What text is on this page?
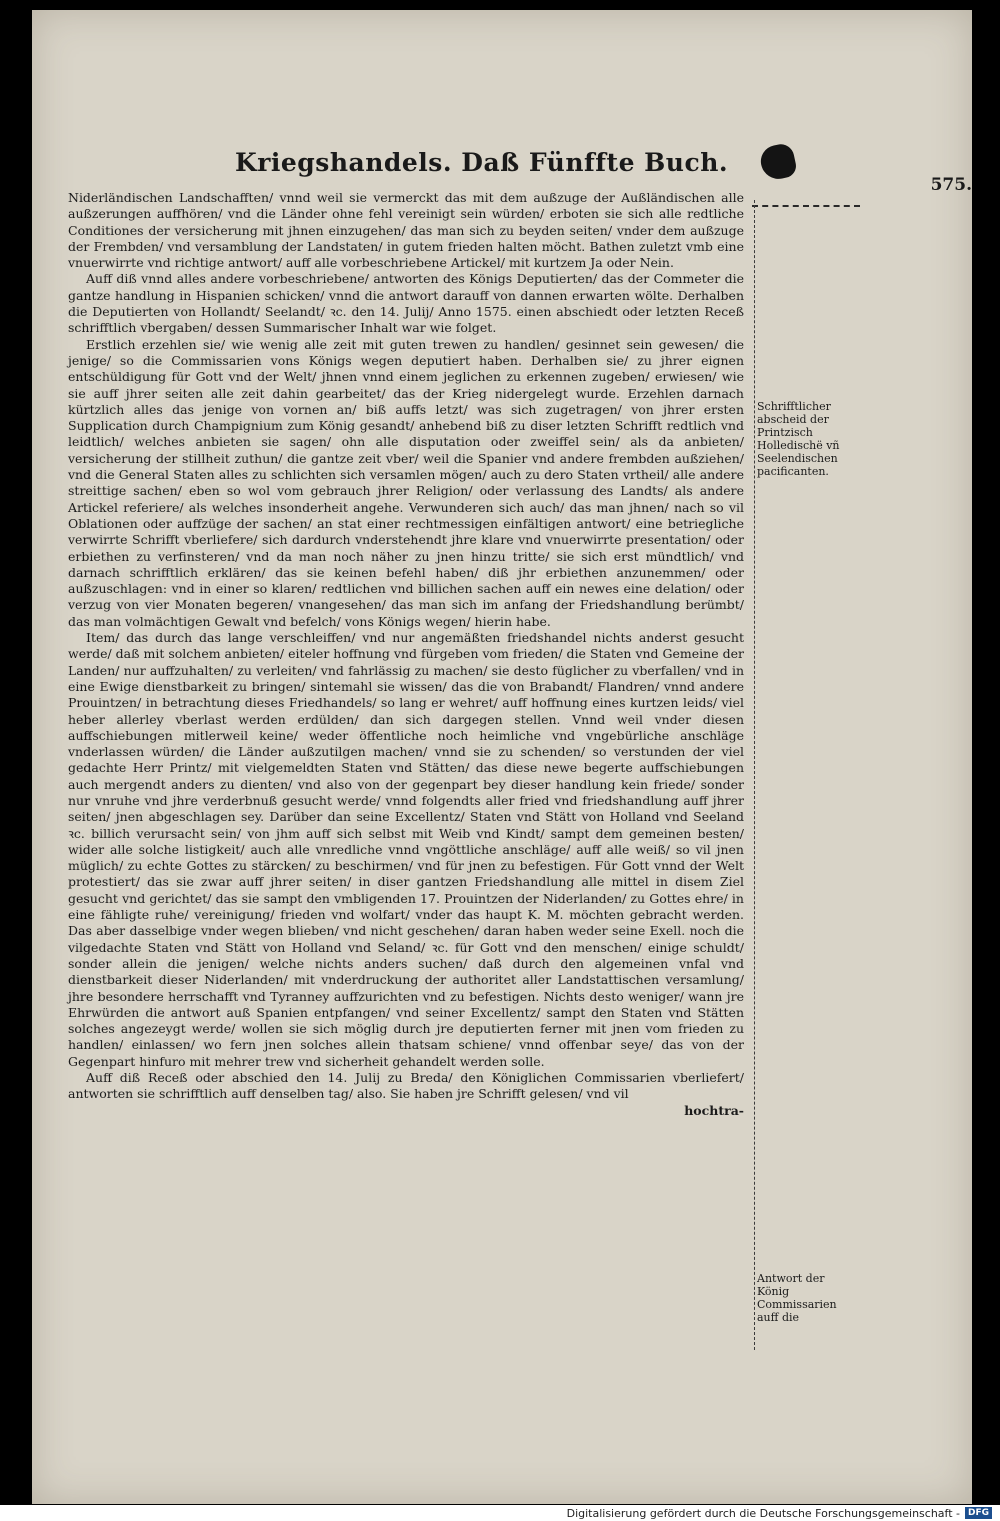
Kriegshandels. Daß Fünffte Buch.
575.

Niderländischen Landschafften/ vnnd weil sie vermerckt das mit dem außzuge der Außländischen alle außzerungen auffhören/ vnd die Länder ohne fehl vereinigt sein würden/ erboten sie sich alle redtliche Conditiones der versicherung mit jhnen einzugehen/ das man sich zu beyden seiten/ vnder dem außzuge der Frembden/ vnd versamblung der Landstaten/ in gutem frieden halten möcht. Bathen zuletzt vmb eine vnuerwirrte vnd richtige antwort/ auff alle vorbeschriebene Artickel/ mit kurtzem Ja oder Nein.

Auff diß vnnd alles andere vorbeschriebene/ antworten des Königs Deputierten/ das der Commeter die gantze handlung in Hispanien schicken/ vnnd die antwort darauff von dannen erwarten wölte. Derhalben die Deputierten von Hollandt/ Seelandt/ ꝛc. den 14. Julij/ Anno 1575. einen abschiedt oder letzten Receß schrifftlich vbergaben/ dessen Summarischer Inhalt war wie folget.

Erstlich erzehlen sie/ wie wenig alle zeit mit guten trewen zu handlen/ gesinnet sein gewesen/ die jenige/ so die Commissarien vons Königs wegen deputiert haben. Derhalben sie/ zu jhrer eignen entschüldigung für Gott vnd der Welt/ jhnen vnnd einem jeglichen zu erkennen zugeben/ erwiesen/ wie sie auff jhrer seiten alle zeit dahin gearbeitet/ das der Krieg nidergelegt wurde. Erzehlen darnach kürtzlich alles das jenige von vornen an/ biß auffs letzt/ was sich zugetragen/ von jhrer ersten Supplication durch Champignium zum König gesandt/ anhebend biß zu diser letzten Schrifft redtlich vnd leidtlich/ welches anbieten sie sagen/ ohn alle disputation oder zweiffel sein/ als da anbieten/ versicherung der stillheit zuthun/ die gantze zeit vber/ weil die Spanier vnd andere frembden außziehen/ vnd die General Staten alles zu schlichten sich versamlen mögen/ auch zu dero Staten vrtheil/ alle andere streittige sachen/ eben so wol vom gebrauch jhrer Religion/ oder verlassung des Landts/ als andere Artickel referiere/ als welches insonderheit angehe. Verwunderen sich auch/ das man jhnen/ nach so vil Oblationen oder auffzüge der sachen/ an stat einer rechtmessigen einfältigen antwort/ eine betriegliche verwirrte Schrifft vberliefere/ sich dardurch vnderstehendt jhre klare vnd vnuerwirrte presentation/ oder erbiethen zu verfinsteren/ vnd da man noch näher zu jnen hinzu tritte/ sie sich erst mündtlich/ vnd darnach schrifftlich erklären/ das sie keinen befehl haben/ diß jhr erbiethen anzunemmen/ oder außzuschlagen: vnd in einer so klaren/ redtlichen vnd billichen sachen auff ein newes eine delation/ oder verzug von vier Monaten begeren/ vnangesehen/ das man sich im anfang der Friedshandlung berümbt/ das man volmächtigen Gewalt vnd befelch/ vons Königs wegen/ hierin habe.

Item/ das durch das lange verschleiffen/ vnd nur angemäßten friedshandel nichts anderst gesucht werde/ daß mit solchem anbieten/ eiteler hoffnung vnd fürgeben vom frieden/ die Staten vnd Gemeine der Landen/ nur auffzuhalten/ zu verleiten/ vnd fahrlässig zu machen/ sie desto füglicher zu vberfallen/ vnd in eine Ewige dienstbarkeit zu bringen/ sintemahl sie wissen/ das die von Brabandt/ Flandren/ vnnd andere Prouintzen/ in betrachtung dieses Friedhandels/ so lang er wehret/ auff hoffnung eines kurtzen leids/ viel heber allerley vberlast werden erdülden/ dan sich dargegen stellen. Vnnd weil vnder diesen auffschiebungen mitlerweil keine/ weder öffentliche noch heimliche vnd vngebürliche anschläge vnderlassen würden/ die Länder außzutilgen machen/ vnnd sie zu schenden/ so verstunden der viel gedachte Herr Printz/ mit vielgemeldten Staten vnd Stätten/ das diese newe begerte auffschiebungen auch mergendt anders zu dienten/ vnd also von der gegenpart bey dieser handlung kein friede/ sonder nur vnruhe vnd jhre verderbnuß gesucht werde/ vnnd folgendts aller fried vnd friedshandlung auff jhrer seiten/ jnen abgeschlagen sey. Darüber dan seine Excellentz/ Staten vnd Stätt von Holland vnd Seeland ꝛc. billich verursacht sein/ von jhm auff sich selbst mit Weib vnd Kindt/ sampt dem gemeinen besten/ wider alle solche listigkeit/ auch alle vnredliche vnnd vngöttliche anschläge/ auff alle weiß/ so vil jnen müglich/ zu echte Gottes zu stärcken/ zu beschirmen/ vnd für jnen zu befestigen. Für Gott vnnd der Welt protestiert/ das sie zwar auff jhrer seiten/ in diser gantzen Friedshandlung alle mittel in disem Ziel gesucht vnd gerichtet/ das sie sampt den vmbligenden 17. Prouintzen der Niderlanden/ zu Gottes ehre/ in eine fähligte ruhe/ vereinigung/ frieden vnd wolfart/ vnder das haupt K. M. möchten gebracht werden. Das aber dasselbige vnder wegen blieben/ vnd nicht geschehen/ daran haben weder seine Exell. noch die vilgedachte Staten vnd Stätt von Holland vnd Seland/ ꝛc. für Gott vnd den menschen/ einige schuldt/ sonder allein die jenigen/ welche nichts anders suchen/ daß durch den algemeinen vnfal vnd dienstbarkeit dieser Niderlanden/ mit vnderdruckung der authoritet aller Landstattischen versamlung/ jhre besondere herrschafft vnd Tyranney auffzurichten vnd zu befestigen. Nichts desto weniger/ wann jre Ehrwürden die antwort auß Spanien entpfangen/ vnd seiner Excellentz/ sampt den Staten vnd Stätten solches angezeygt werde/ wollen sie sich möglig durch jre deputierten ferner mit jnen vom frieden zu handlen/ einlassen/ wo fern jnen solches allein thatsam schiene/ vnnd offenbar seye/ das von der Gegenpart hinfuro mit mehrer trew vnd sicherheit gehandelt werden solle.

Auff diß Receß oder abschied den 14. Julij zu Breda/ den Königlichen Commissarien vberliefert/ antworten sie schrifftlich auff denselben tag/ also. Sie haben jre Schrifft gelesen/ vnd vil

hochtra-

Schrifftlicher abscheid der Printzisch Holledischë vñ Seelendischen pacificanten.
Antwort der König Commissarien auff die
Digitalisierung gefördert durch die Deutsche Forschungsgemeinschaft - DFG
